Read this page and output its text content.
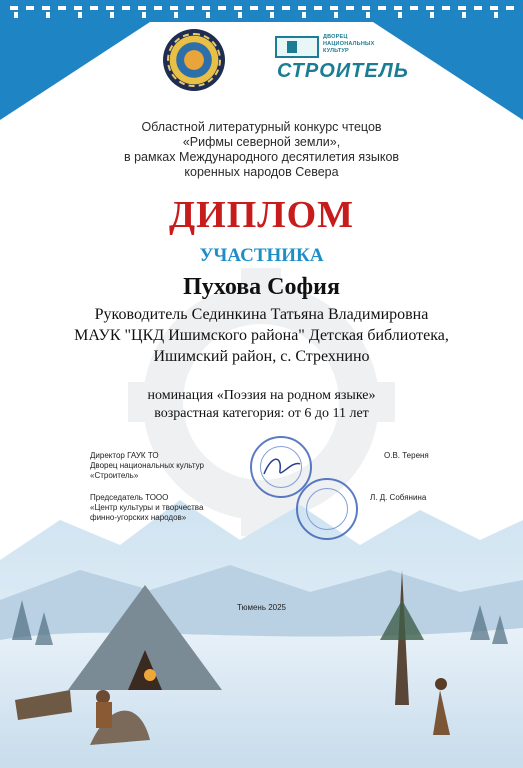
ДВОРЕЦ НАЦИОНАЛЬНЫХ КУЛЬТУР
СТРОИТЕЛЬ
Областной литературный конкурс чтецов
«Рифмы северной земли»,
в рамках Международного десятилетия языков
коренных народов Севера
ДИПЛОМ
УЧАСТНИКА
Пухова София
Руководитель Сединкина Татьяна Владимировна
МАУК "ЦКД Ишимского района" Детская библиотека,
Ишимский район, с. Стрехнино
номинация «Поэзия на родном языке»
возрастная категория: от 6 до 11 лет
Директор ГАУК ТО
Дворец национальных культур
«Строитель»
О.В. Тереня
Председатель ТООО
«Центр культуры и творчества
финно-угорских народов»
Л. Д. Собянина
Тюмень 2025
